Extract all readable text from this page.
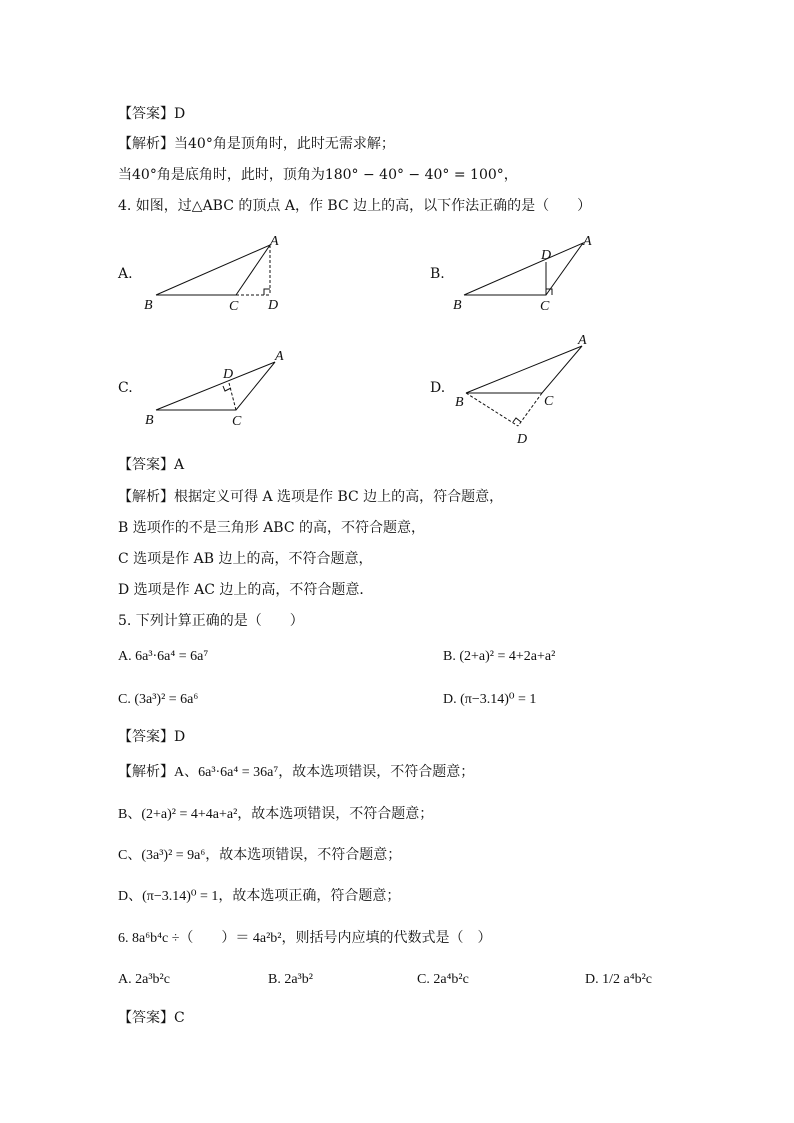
【答案】D
【解析】当40°角是顶角时，此时无需求解；
当40°角是底角时，此时，顶角为180° − 40° − 40° = 100°，
4. 如图，过△ABC 的顶点 A，作 BC 边上的高，以下作法正确的是（　　）
A.	B.
C.	D.
A
B	C D
A
B	C
D
A
B	C
D
A
B	C
D
【答案】A
【解析】根据定义可得 A 选项是作 BC 边上的高，符合题意，
B 选项作的不是三角形 ABC 的高，不符合题意，
C 选项是作 AB 边上的高，不符合题意，
D 选项是作 AC 边上的高，不符合题意．
5. 下列计算正确的是（　　）
A. 6a³·6a⁴ = 6a⁷	B. (2+a)² = 4+2a+a²
C. (3a³)² = 6a⁶	D. (π−3.14)⁰ = 1
【答案】D
【解析】A、6a³·6a⁴ = 36a⁷，故本选项错误，不符合题意；
B、(2+a)² = 4+4a+a²，故本选项错误，不符合题意；
C、(3a³)² = 9a⁶，故本选项错误，不符合题意；
D、(π−3.14)⁰ = 1，故本选项正确，符合题意；
6. 8a⁶b⁴c ÷（　　）＝ 4a²b²，则括号内应填的代数式是（　）
A. 2a³b²c	B. 2a³b²	C. 2a⁴b²c	D. 1/2 a⁴b²c
【答案】C
